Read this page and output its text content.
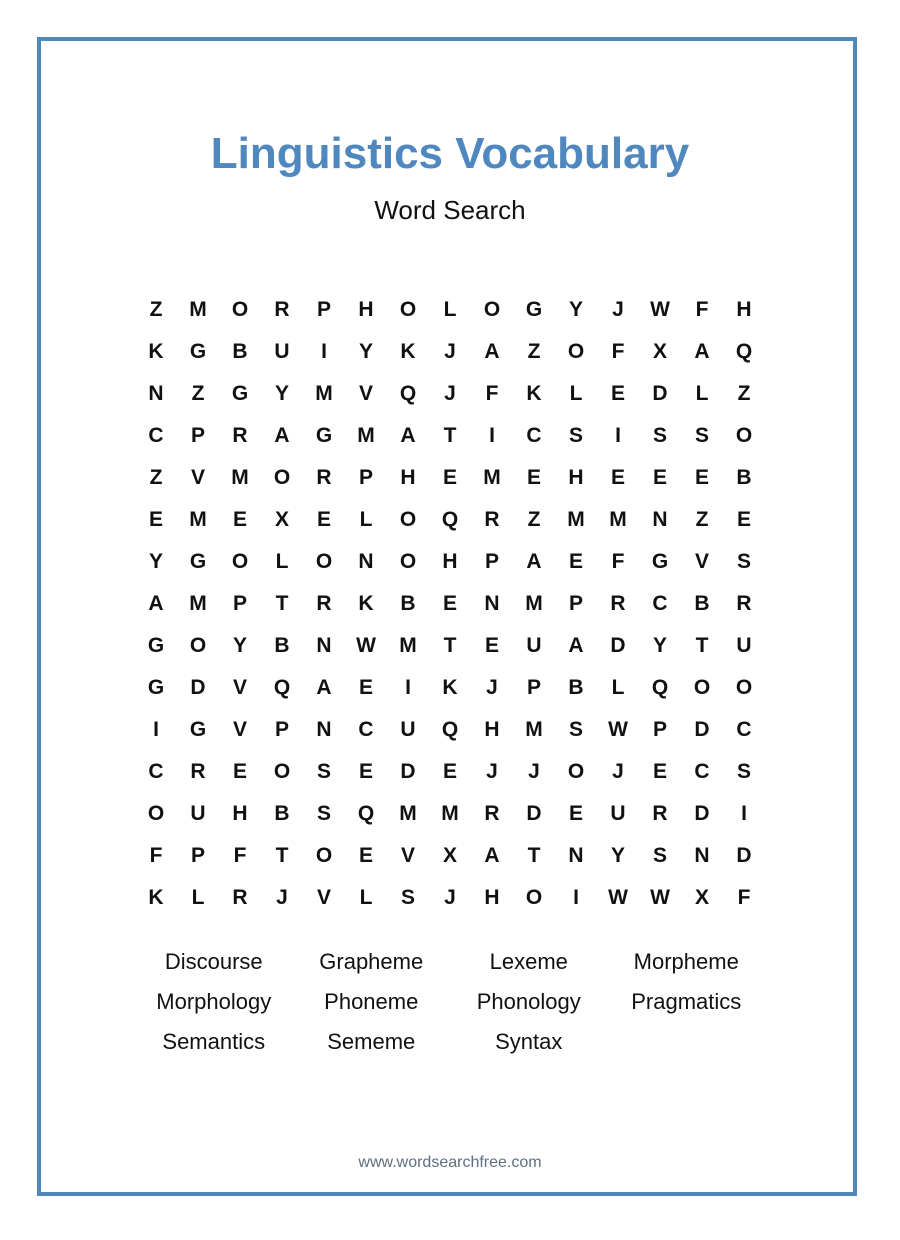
Linguistics Vocabulary
Word Search
Z	M	O	R	P	H	O	L	O	G	Y	J	W	F	H
K	G	B	U	I	Y	K	J	A	Z	O	F	X	A	Q
N	Z	G	Y	M	V	Q	J	F	K	L	E	D	L	Z
C	P	R	A	G	M	A	T	I	C	S	I	S	S	O
Z	V	M	O	R	P	H	E	M	E	H	E	E	E	B
E	M	E	X	E	L	O	Q	R	Z	M	M	N	Z	E
Y	G	O	L	O	N	O	H	P	A	E	F	G	V	S
A	M	P	T	R	K	B	E	N	M	P	R	C	B	R
G	O	Y	B	N	W	M	T	E	U	A	D	Y	T	U
G	D	V	Q	A	E	I	K	J	P	B	L	Q	O	O
I	G	V	P	N	C	U	Q	H	M	S	W	P	D	C
C	R	E	O	S	E	D	E	J	J	O	J	E	C	S
O	U	H	B	S	Q	M	M	R	D	E	U	R	D	I
F	P	F	T	O	E	V	X	A	T	N	Y	S	N	D
K	L	R	J	V	L	S	J	H	O	I	W	W	X	F
Discourse	Grapheme	Lexeme	Morpheme
Morphology	Phoneme	Phonology	Pragmatics
Semantics	Sememe	Syntax
www.wordsearchfree.com
